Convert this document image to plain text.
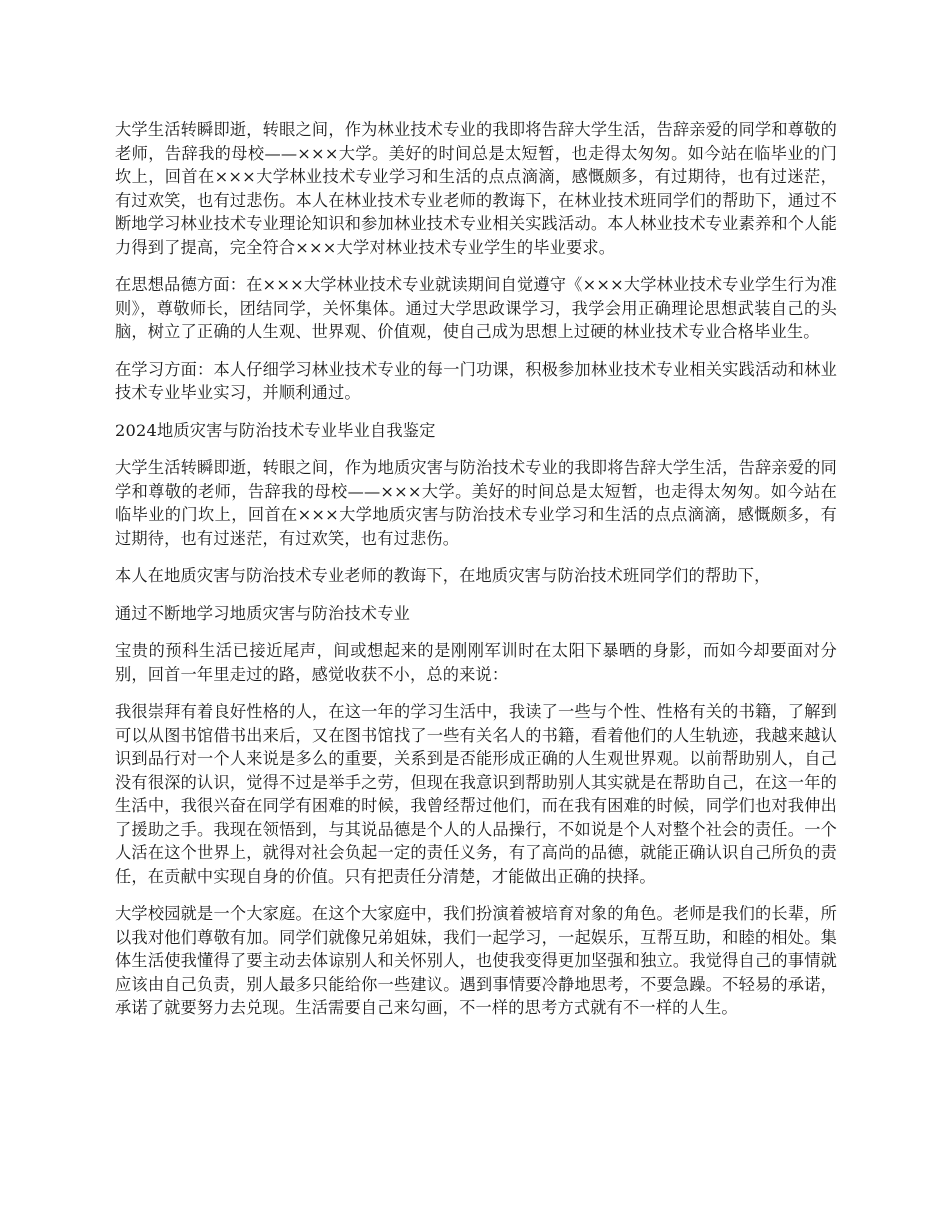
大学生活转瞬即逝，转眼之间，作为林业技术专业的我即将告辞大学生活，告辞亲爱的同学和尊敬的老师，告辞我的母校——×××大学。美好的时间总是太短暂，也走得太匆匆。如今站在临毕业的门坎上，回首在×××大学林业技术专业学习和生活的点点滴滴，感慨颇多，有过期待，也有过迷茫，有过欢笑，也有过悲伤。本人在林业技术专业老师的教诲下，在林业技术班同学们的帮助下，通过不断地学习林业技术专业理论知识和参加林业技术专业相关实践活动。本人林业技术专业素养和个人能力得到了提高，完全符合×××大学对林业技术专业学生的毕业要求。

在思想品德方面：在×××大学林业技术专业就读期间自觉遵守《×××大学林业技术专业学生行为准则》，尊敬师长，团结同学，关怀集体。通过大学思政课学习，我学会用正确理论思想武装自己的头脑，树立了正确的人生观、世界观、价值观，使自己成为思想上过硬的林业技术专业合格毕业生。

在学习方面：本人仔细学习林业技术专业的每一门功课，积极参加林业技术专业相关实践活动和林业技术专业毕业实习，并顺利通过。

2024地质灾害与防治技术专业毕业自我鉴定

大学生活转瞬即逝，转眼之间，作为地质灾害与防治技术专业的我即将告辞大学生活，告辞亲爱的同学和尊敬的老师，告辞我的母校——×××大学。美好的时间总是太短暂，也走得太匆匆。如今站在临毕业的门坎上，回首在×××大学地质灾害与防治技术专业学习和生活的点点滴滴，感慨颇多，有过期待，也有过迷茫，有过欢笑，也有过悲伤。

本人在地质灾害与防治技术专业老师的教诲下，在地质灾害与防治技术班同学们的帮助下，

通过不断地学习地质灾害与防治技术专业

宝贵的预科生活已接近尾声，间或想起来的是刚刚军训时在太阳下暴晒的身影，而如今却要面对分别，回首一年里走过的路，感觉收获不小，总的来说：

我很崇拜有着良好性格的人，在这一年的学习生活中，我读了一些与个性、性格有关的书籍，了解到可以从图书馆借书出来后，又在图书馆找了一些有关名人的书籍，看着他们的人生轨迹，我越来越认识到品行对一个人来说是多么的重要，关系到是否能形成正确的人生观世界观。以前帮助别人，自己没有很深的认识，觉得不过是举手之劳，但现在我意识到帮助别人其实就是在帮助自己，在这一年的生活中，我很兴奋在同学有困难的时候，我曾经帮过他们，而在我有困难的时候，同学们也对我伸出了援助之手。我现在领悟到，与其说品德是个人的人品操行，不如说是个人对整个社会的责任。一个人活在这个世界上，就得对社会负起一定的责任义务，有了高尚的品德，就能正确认识自己所负的责任，在贡献中实现自身的价值。只有把责任分清楚，才能做出正确的抉择。

大学校园就是一个大家庭。在这个大家庭中，我们扮演着被培育对象的角色。老师是我们的长辈，所以我对他们尊敬有加。同学们就像兄弟姐妹，我们一起学习，一起娱乐，互帮互助，和睦的相处。集体生活使我懂得了要主动去体谅别人和关怀别人，也使我变得更加坚强和独立。我觉得自己的事情就应该由自己负责，别人最多只能给你一些建议。遇到事情要冷静地思考，不要急躁。不轻易的承诺，承诺了就要努力去兑现。生活需要自己来勾画，不一样的思考方式就有不一样的人生。
